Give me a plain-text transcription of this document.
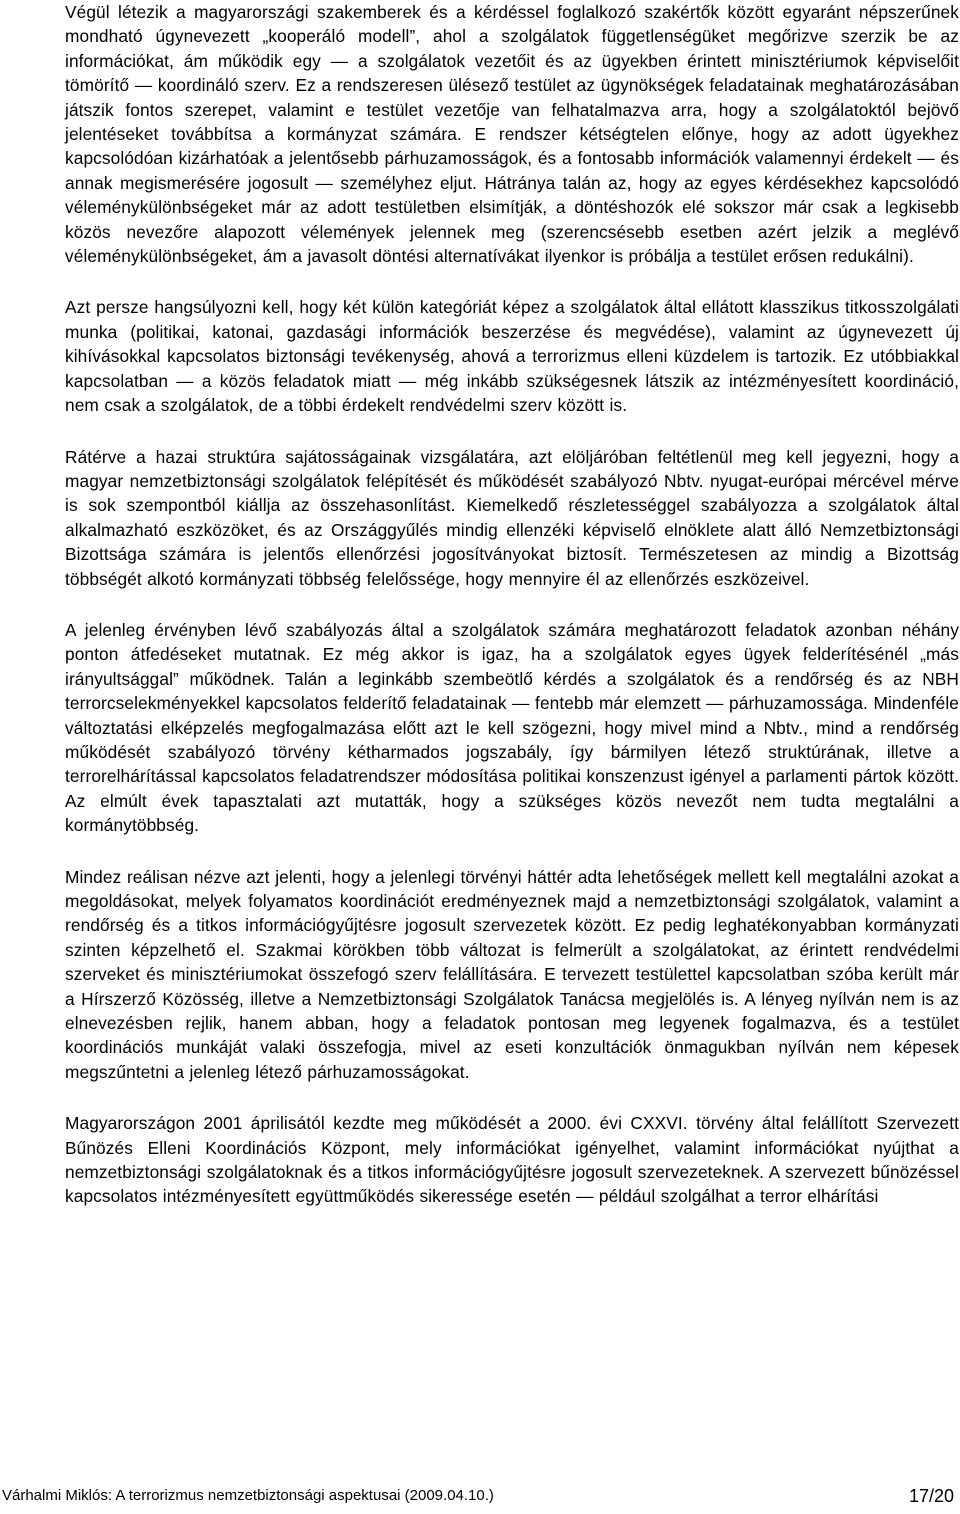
Végül létezik a magyarországi szakemberek és a kérdéssel foglalkozó szakértők között egyaránt népszerűnek mondható úgynevezett „kooperáló modell”, ahol a szolgálatok függetlenségüket megőrizve szerzik be az információkat, ám működik egy — a szolgálatok vezetőit és az ügyekben érintett minisztériumok képviselőit tömörítő — koordináló szerv. Ez a rendszeresen ülésező testület az ügynökségek feladatainak meghatározásában játszik fontos szerepet, valamint e testület vezetője van felhatalmazva arra, hogy a szolgálatoktól bejövő jelentéseket továbbítsa a kormányzat számára. E rendszer kétségtelen előnye, hogy az adott ügyekhez kapcsolódóan kizárhatóak a jelentősebb párhuzamosságok, és a fontosabb információk valamennyi érdekelt — és annak megismerésére jogosult — személyhez eljut. Hátránya talán az, hogy az egyes kérdésekhez kapcsolódó véleménykülönbségeket már az adott testületben elsimítják, a döntéshozók elé sokszor már csak a legkisebb közös nevezőre alapozott vélemények jelennek meg (szerencsésebb esetben azért jelzik a meglévő véleménykülönbségeket, ám a javasolt döntési alternatívákat ilyenkor is próbálja a testület erősen redukálni).

Azt persze hangsúlyozni kell, hogy két külön kategóriát képez a szolgálatok által ellátott klasszikus titkosszolgálati munka (politikai, katonai, gazdasági információk beszerzése és megvédése), valamint az úgynevezett új kihívásokkal kapcsolatos biztonsági tevékenység, ahová a terrorizmus elleni küzdelem is tartozik. Ez utóbbiakkal kapcsolatban — a közös feladatok miatt — még inkább szükségesnek látszik az intézményesített koordináció, nem csak a szolgálatok, de a többi érdekelt rendvédelmi szerv között is.

Rátérve a hazai struktúra sajátosságainak vizsgálatára, azt elöljáróban feltétlenül meg kell jegyezni, hogy a magyar nemzetbiztonsági szolgálatok felépítését és működését szabályozó Nbtv. nyugat-európai mércével mérve is sok szempontból kiállja az összehasonlítást. Kiemelkedő részletességgel szabályozza a szolgálatok által alkalmazható eszközöket, és az Országgyűlés mindig ellenzéki képviselő elnöklete alatt álló Nemzetbiztonsági Bizottsága számára is jelentős ellenőrzési jogosítványokat biztosít. Természetesen az mindig a Bizottság többségét alkotó kormányzati többség felelőssége, hogy mennyire él az ellenőrzés eszközeivel.

A jelenleg érvényben lévő szabályozás által a szolgálatok számára meghatározott feladatok azonban néhány ponton átfedéseket mutatnak. Ez még akkor is igaz, ha a szolgálatok egyes ügyek felderítésénél „más irányultsággal” működnek. Talán a leginkább szembeötlő kérdés a szolgálatok és a rendőrség és az NBH terrorcselekményekkel kapcsolatos felderítő feladatainak — fentebb már elemzett — párhuzamossága. Mindenféle változtatási elképzelés megfogalmazása előtt azt le kell szögezni, hogy mivel mind a Nbtv., mind a rendőrség működését szabályozó törvény kétharmados jogszabály, így bármilyen létező struktúrának, illetve a terrorelhárítással kapcsolatos feladatrendszer módosítása politikai konszenzust igényel a parlamenti pártok között. Az elmúlt évek tapasztalati azt mutatták, hogy a szükséges közös nevezőt nem tudta megtalálni a kormánytöbbség.

Mindez reálisan nézve azt jelenti, hogy a jelenlegi törvényi háttér adta lehetőségek mellett kell megtalálni azokat a megoldásokat, melyek folyamatos koordinációt eredményeznek majd a nemzetbiztonsági szolgálatok, valamint a rendőrség és a titkos információgyűjtésre jogosult szervezetek között. Ez pedig leghatékonyabban kormányzati szinten képzelhető el. Szakmai körökben több változat is felmerült a szolgálatokat, az érintett rendvédelmi szerveket és minisztériumokat összefogó szerv felállítására. E tervezett testülettel kapcsolatban szóba került már a Hírszerző Közösség, illetve a Nemzetbiztonsági Szolgálatok Tanácsa megjelölés is. A lényeg nyílván nem is az elnevezésben rejlik, hanem abban, hogy a feladatok pontosan meg legyenek fogalmazva, és a testület koordinációs munkáját valaki összefogja, mivel az eseti konzultációk önmagukban nyílván nem képesek megszűntetni a jelenleg létező párhuzamosságokat.

Magyarországon 2001 áprilisától kezdte meg működését a 2000. évi CXXVI. törvény által felállított Szervezett Bűnözés Elleni Koordinációs Központ, mely információkat igényelhet, valamint információkat nyújthat a nemzetbiztonsági szolgálatoknak és a titkos információgyűjtésre jogosult szervezeteknek. A szervezett bűnözéssel kapcsolatos intézményesített együttműködés sikeressége esetén — például szolgálhat a terror elhárítási

Várhalmi Miklós: A terrorizmus nemzetbiztonsági aspektusai (2009.04.10.)	17/20
